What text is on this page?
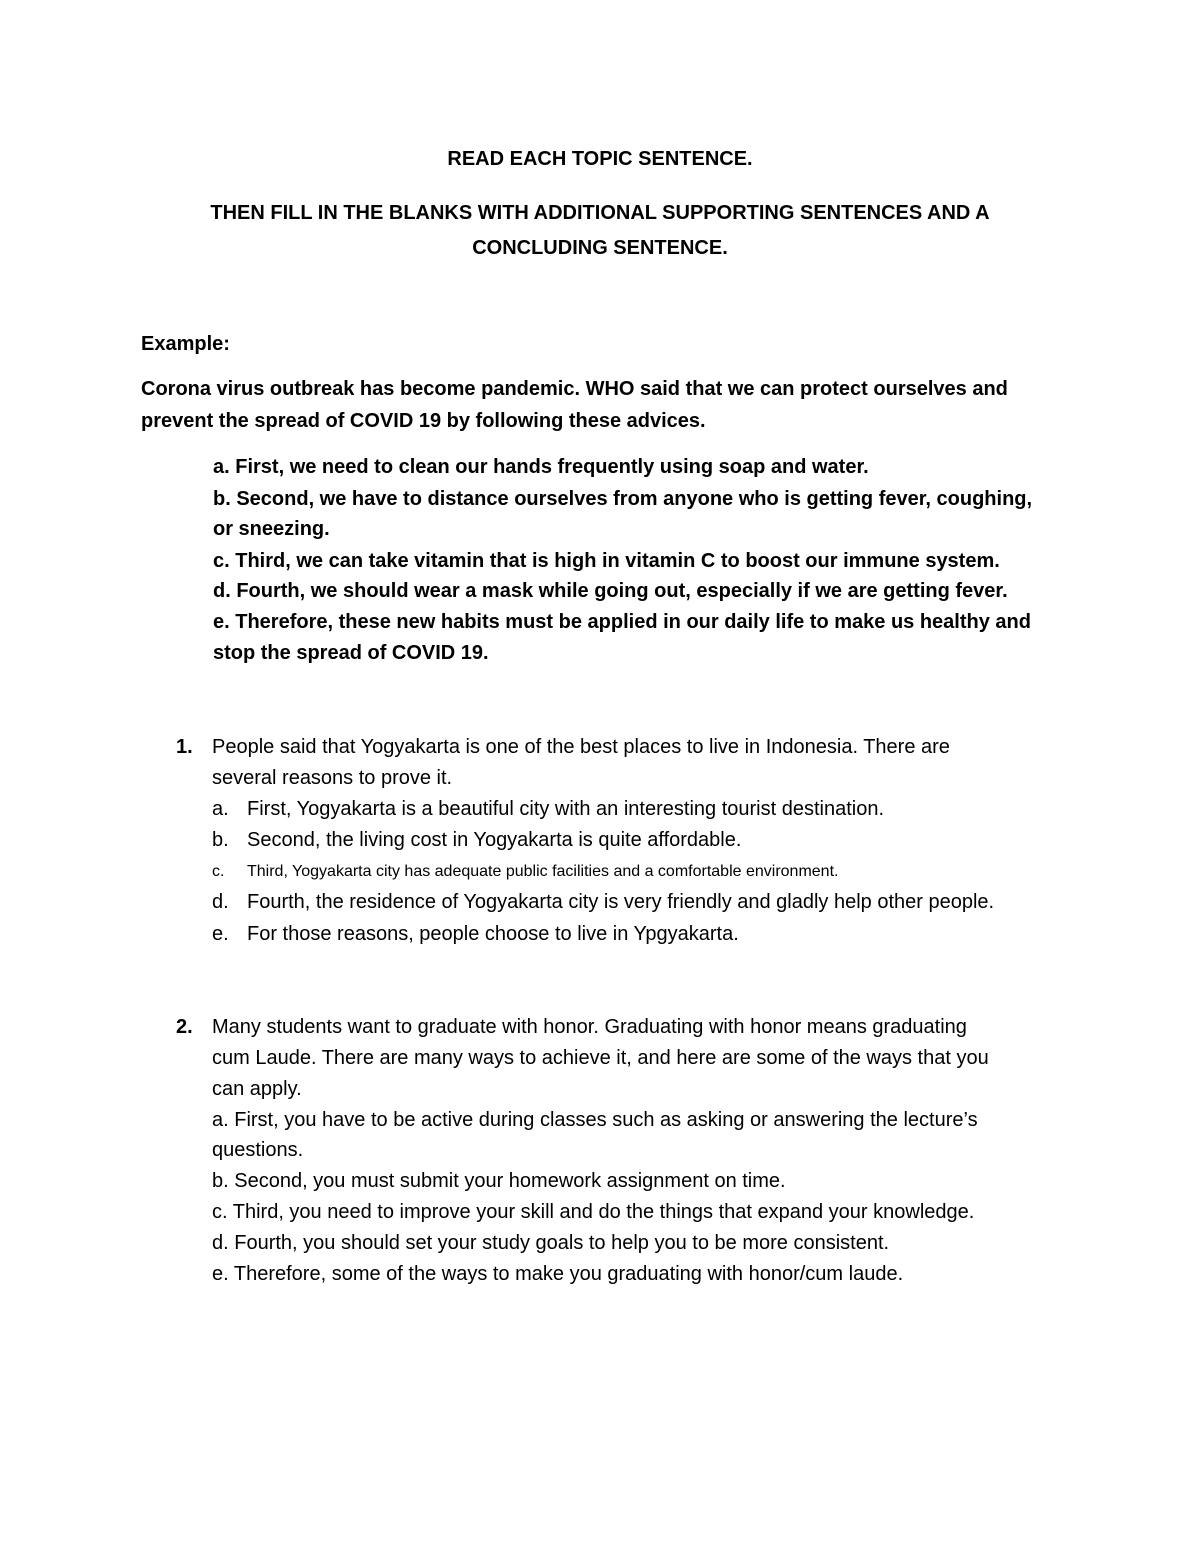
READ EACH TOPIC SENTENCE.

THEN FILL IN THE BLANKS WITH ADDITIONAL SUPPORTING SENTENCES AND A

CONCLUDING SENTENCE.

Example:

Corona virus outbreak has become pandemic. WHO said that we can protect ourselves and

prevent the spread of COVID 19 by following these advices.

a. First, we need to clean our hands frequently using soap and water.

b. Second, we have to distance ourselves from anyone who is getting fever, coughing,

or sneezing.

c. Third, we can take vitamin that is high in vitamin C to boost our immune system.

d. Fourth, we should wear a mask while going out, especially if we are getting fever.

e. Therefore, these new habits must be applied in our daily life to make us healthy and

stop the spread of COVID 19.

1. People said that Yogyakarta is one of the best places to live in Indonesia. There are

several reasons to prove it.

a. First, Yogyakarta is a beautiful city with an interesting tourist destination.

b. Second, the living cost in Yogyakarta is quite affordable.

c. Third, Yogyakarta city has adequate public facilities and a comfortable environment.

d. Fourth, the residence of Yogyakarta city is very friendly and gladly help other people.

e. For those reasons, people choose to live in Ypgyakarta.

2. Many students want to graduate with honor. Graduating with honor means graduating

cum Laude. There are many ways to achieve it, and here are some of the ways that you

can apply.

a. First, you have to be active during classes such as asking or answering the lecture’s

questions.

b. Second, you must submit your homework assignment on time.

c. Third, you need to improve your skill and do the things that expand your knowledge.

d. Fourth, you should set your study goals to help you to be more consistent.

e. Therefore, some of the ways to make you graduating with honor/cum laude.
